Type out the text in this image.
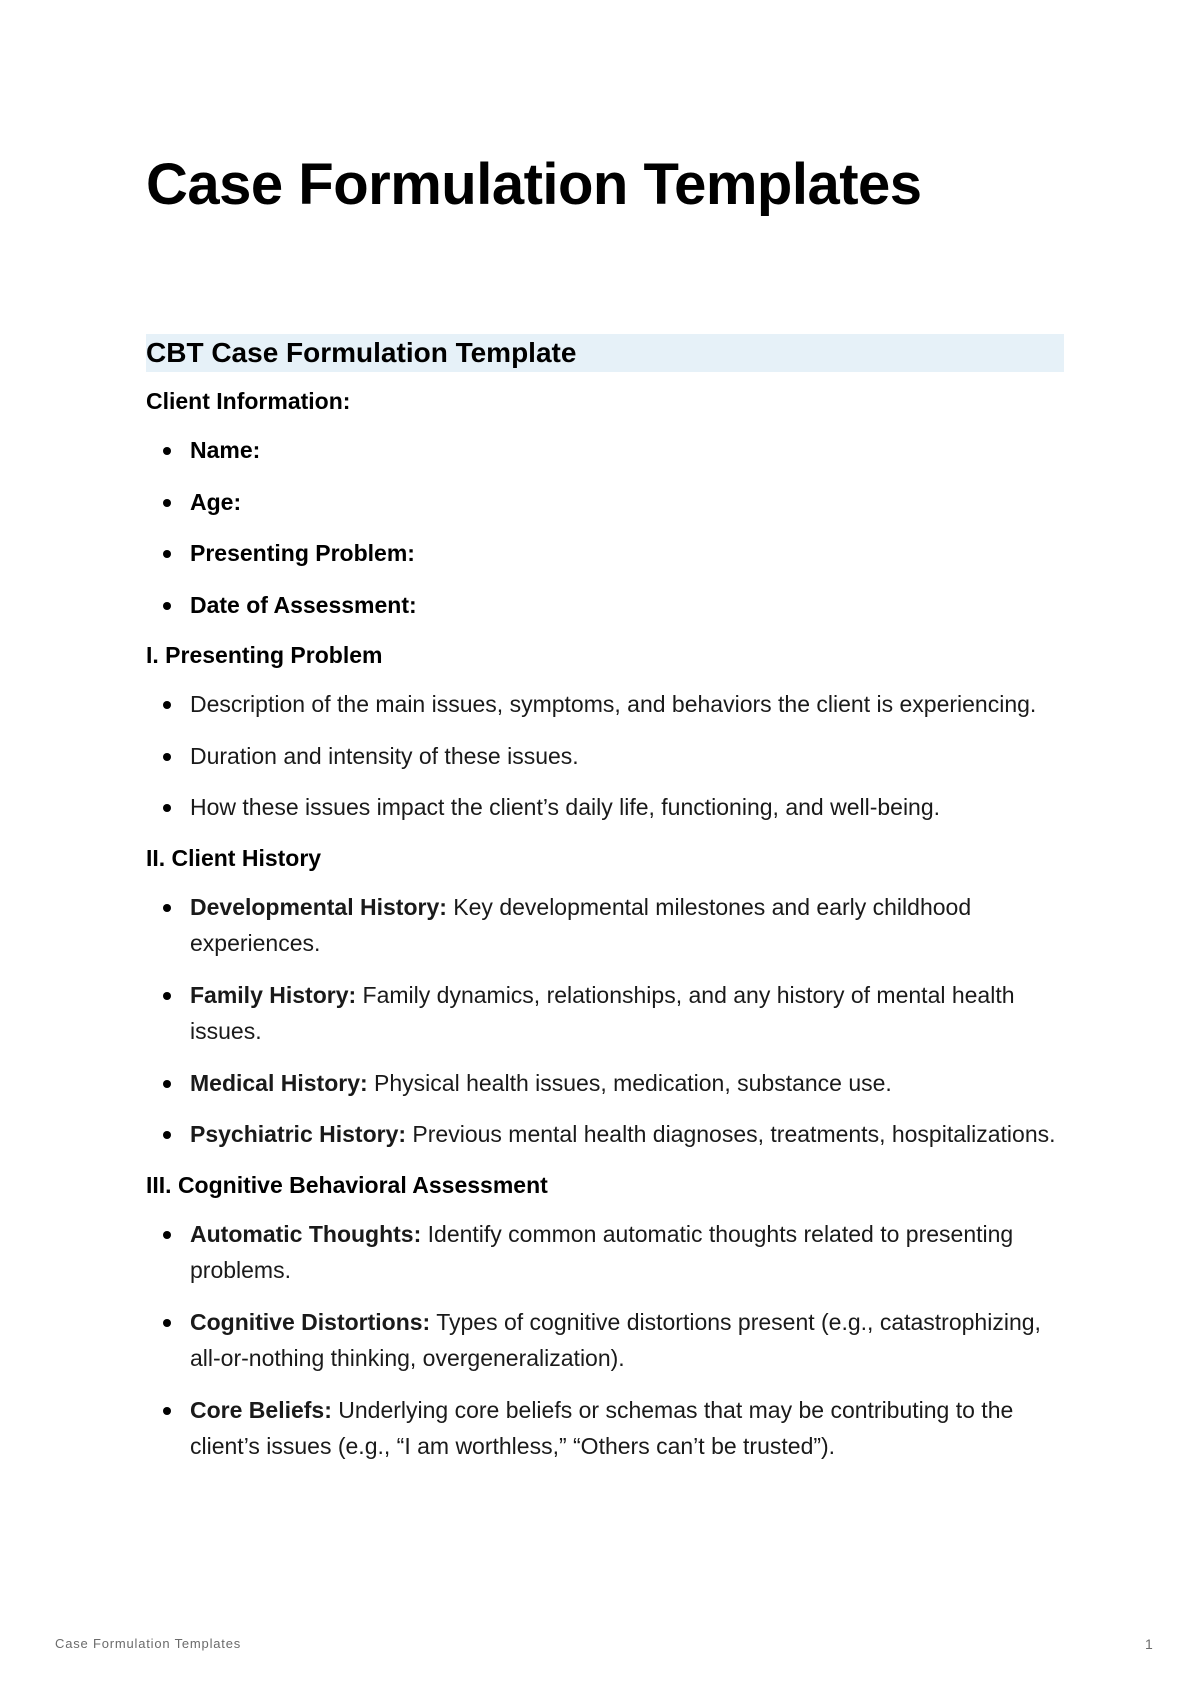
Case Formulation Templates
CBT Case Formulation Template

Client Information:

Name:
Age:
Presenting Problem:
Date of Assessment:

I. Presenting Problem

Description of the main issues, symptoms, and behaviors the client is experiencing.
Duration and intensity of these issues.
How these issues impact the client’s daily life, functioning, and well-being.

II. Client History

Developmental History: Key developmental milestones and early childhood experiences.
Family History: Family dynamics, relationships, and any history of mental health issues.
Medical History: Physical health issues, medication, substance use.
Psychiatric History: Previous mental health diagnoses, treatments, hospitalizations.

III. Cognitive Behavioral Assessment

Automatic Thoughts: Identify common automatic thoughts related to presenting problems.
Cognitive Distortions: Types of cognitive distortions present (e.g., catastrophizing, all-or-nothing thinking, overgeneralization).
Core Beliefs: Underlying core beliefs or schemas that may be contributing to the client’s issues (e.g., “I am worthless,” “Others can’t be trusted”).
Case Formulation Templates	1
